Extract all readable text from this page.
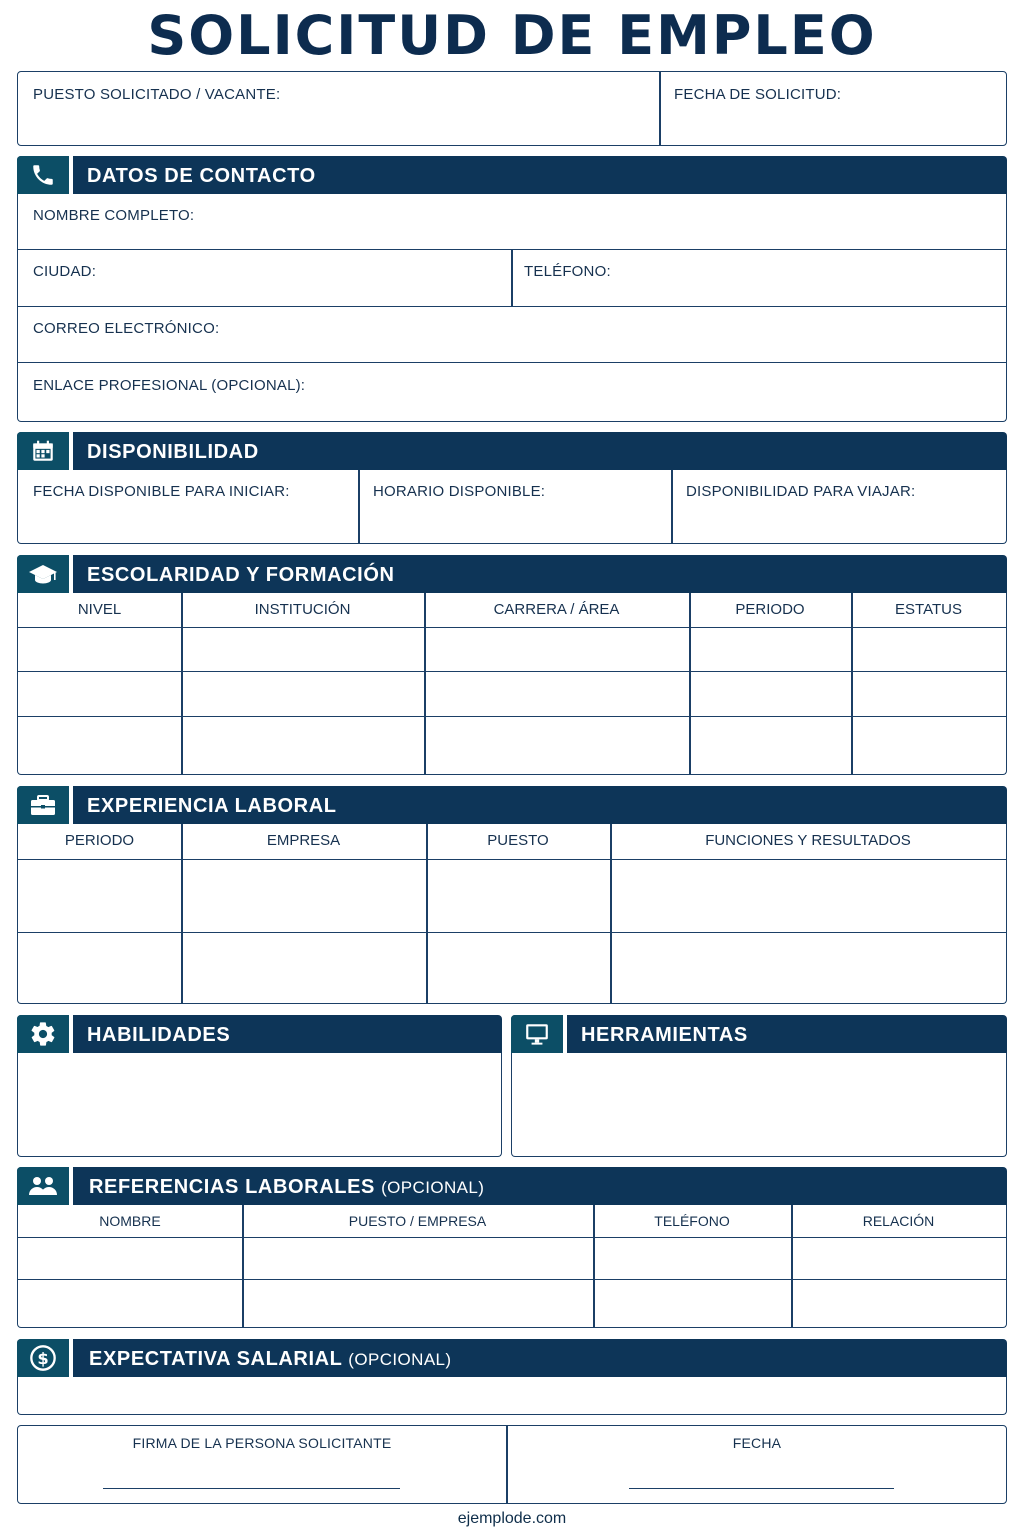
SOLICITUD DE EMPLEO
PUESTO SOLICITADO / VACANTE:	FECHA DE SOLICITUD:
DATOS DE CONTACTO
NOMBRE COMPLETO:
CIUDAD:	TELÉFONO:
CORREO ELECTRÓNICO:
ENLACE PROFESIONAL (OPCIONAL):
DISPONIBILIDAD
FECHA DISPONIBLE PARA INICIAR:	HORARIO DISPONIBLE:	DISPONIBILIDAD PARA VIAJAR:
ESCOLARIDAD Y FORMACIÓN
NIVEL	INSTITUCIÓN	CARRERA / ÁREA	PERIODO	ESTATUS
EXPERIENCIA LABORAL
PERIODO	EMPRESA	PUESTO	FUNCIONES Y RESULTADOS
HABILIDADES	HERRAMIENTAS
REFERENCIAS LABORALES (OPCIONAL)
NOMBRE	PUESTO / EMPRESA	TELÉFONO	RELACIÓN
$ EXPECTATIVA SALARIAL (OPCIONAL)
FIRMA DE LA PERSONA SOLICITANTE	FECHA
ejemplode.com
